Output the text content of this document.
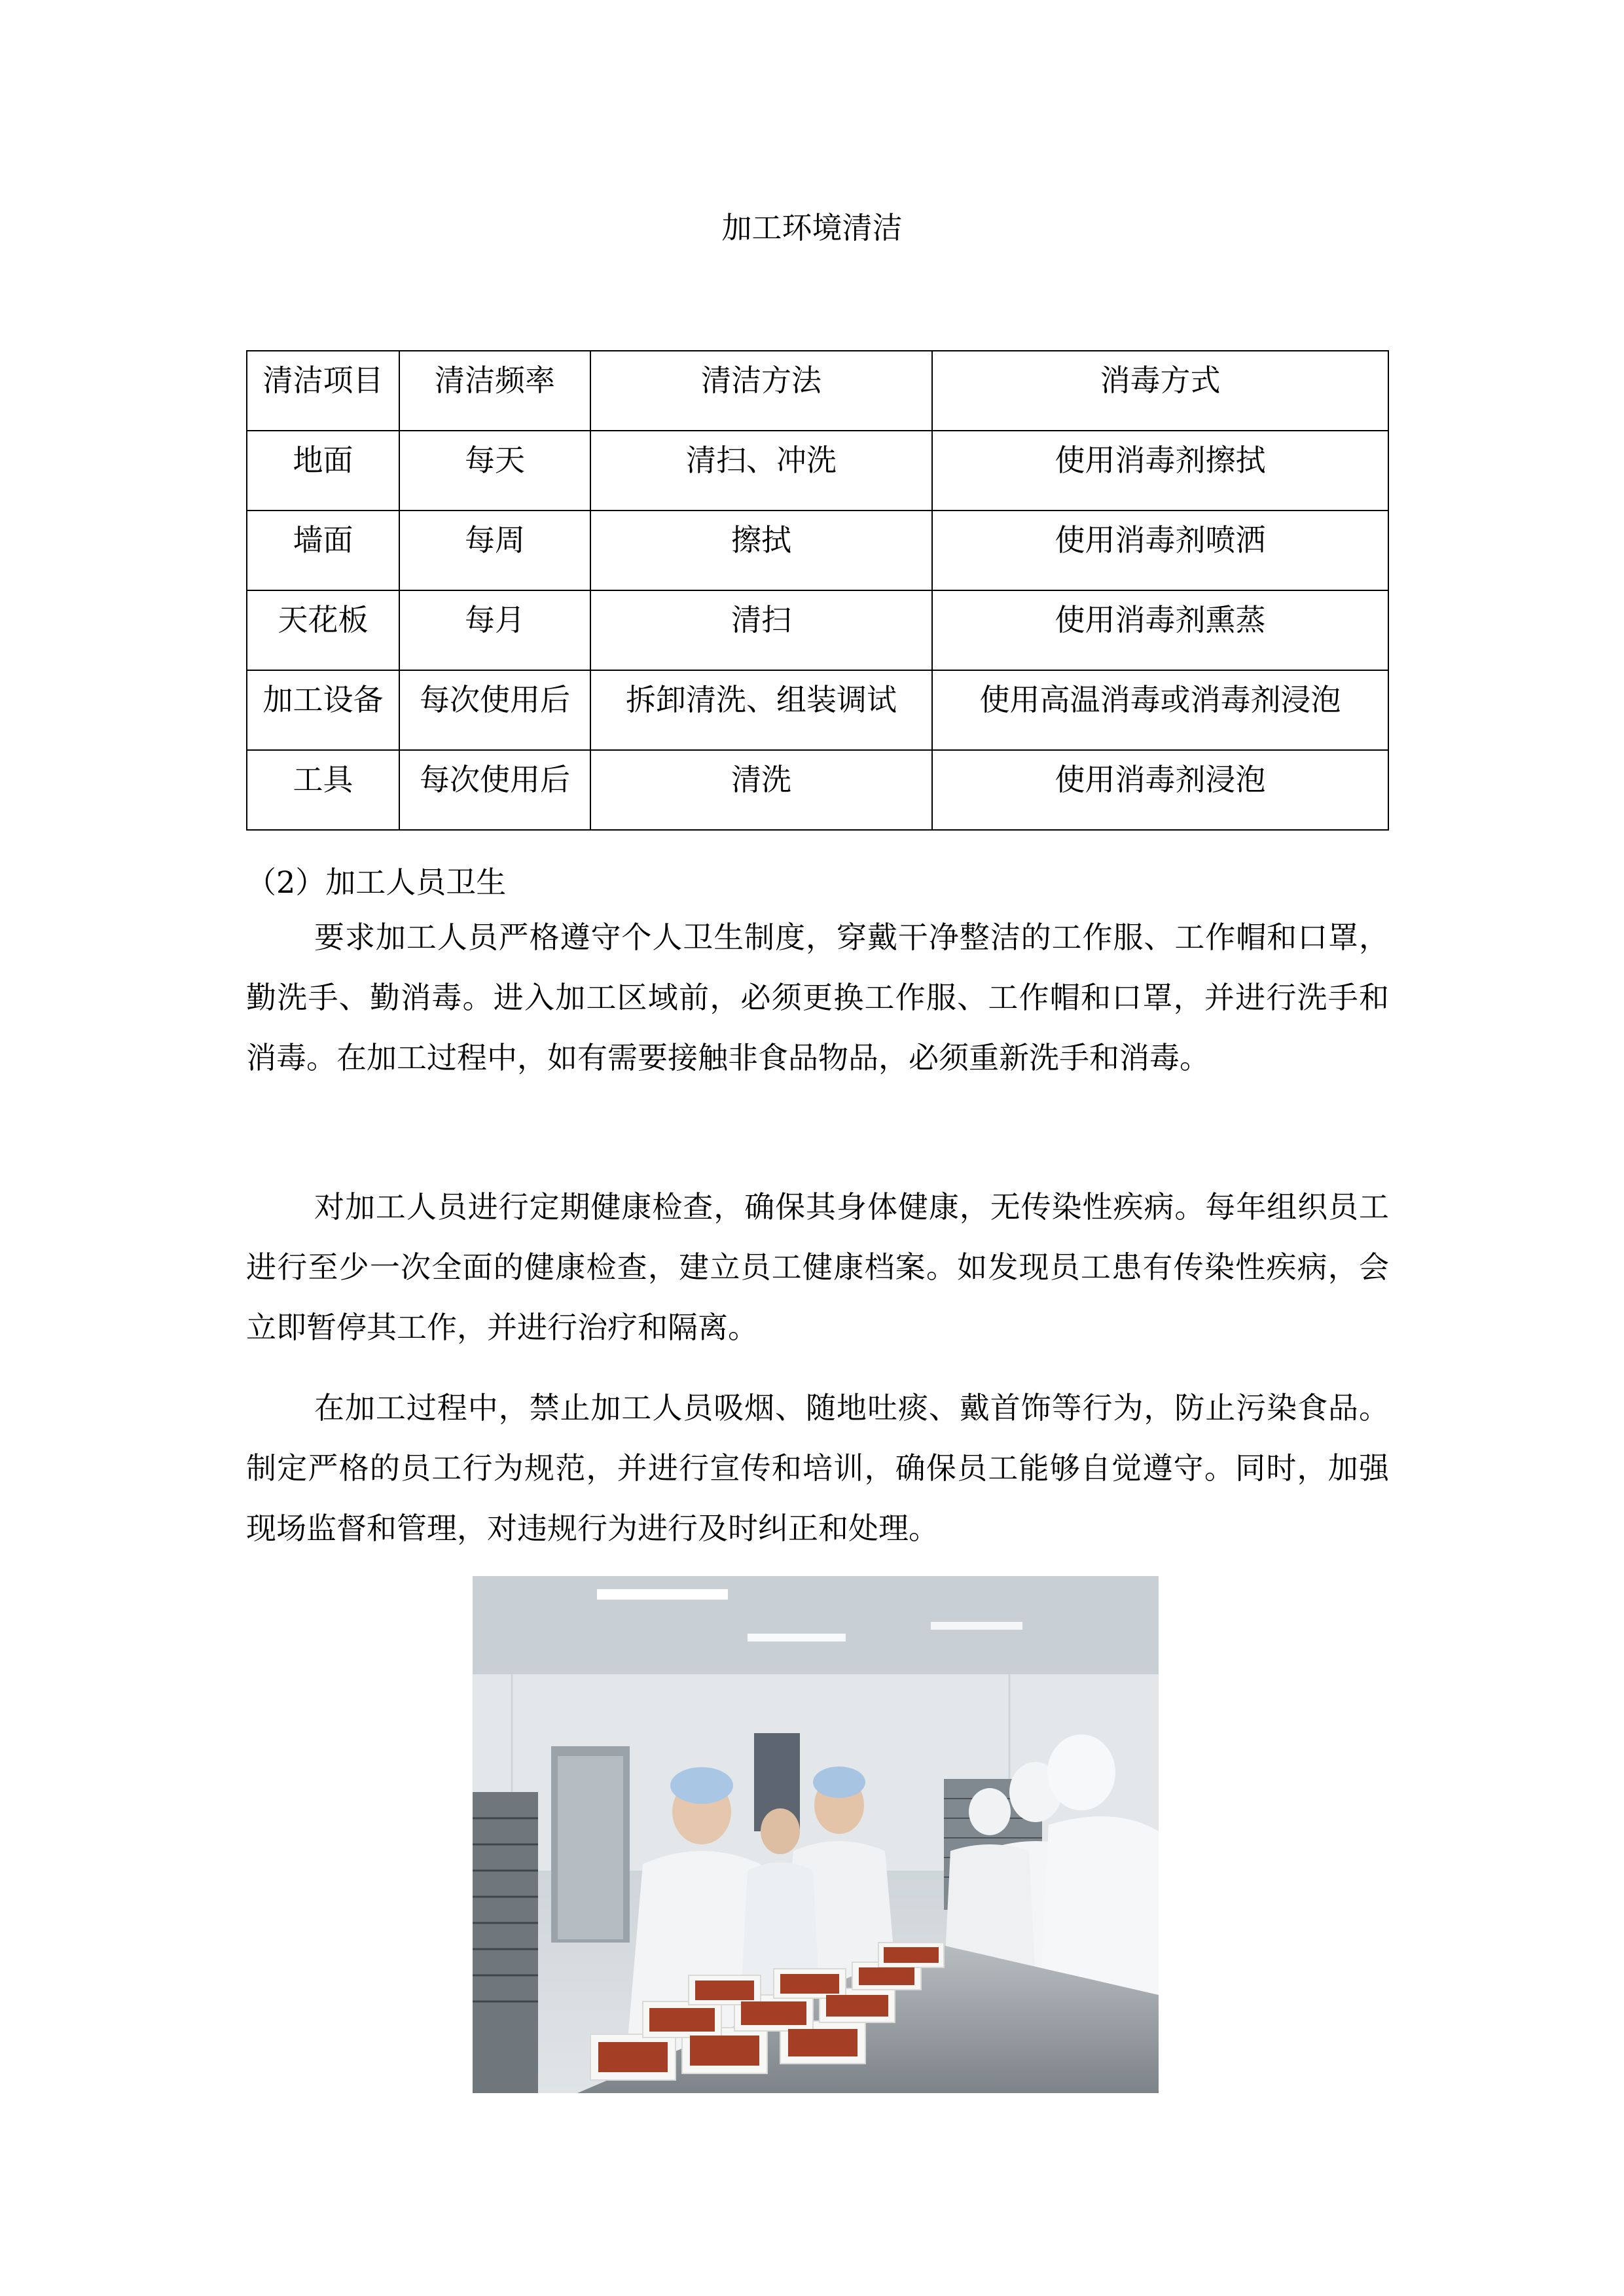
加工环境清洁
清洁项目	清洁频率	清洁方法	消毒方式
地面	每天	清扫、冲洗	使用消毒剂擦拭
墙面	每周	擦拭	使用消毒剂喷洒
天花板	每月	清扫	使用消毒剂熏蒸
加工设备	每次使用后	拆卸清洗、组装调试	使用高温消毒或消毒剂浸泡
工具	每次使用后	清洗	使用消毒剂浸泡
（2）加工人员卫生

要求加工人员严格遵守个人卫生制度，穿戴干净整洁的工作服、工作帽和口罩，勤洗手、勤消毒。进入加工区域前，必须更换工作服、工作帽和口罩，并进行洗手和消毒。在加工过程中，如有需要接触非食品物品，必须重新洗手和消毒。

对加工人员进行定期健康检查，确保其身体健康，无传染性疾病。每年组织员工进行至少一次全面的健康检查，建立员工健康档案。如发现员工患有传染性疾病，会立即暂停其工作，并进行治疗和隔离。

在加工过程中，禁止加工人员吸烟、随地吐痰、戴首饰等行为，防止污染食品。制定严格的员工行为规范，并进行宣传和培训，确保员工能够自觉遵守。同时，加强现场监督和管理，对违规行为进行及时纠正和处理。
